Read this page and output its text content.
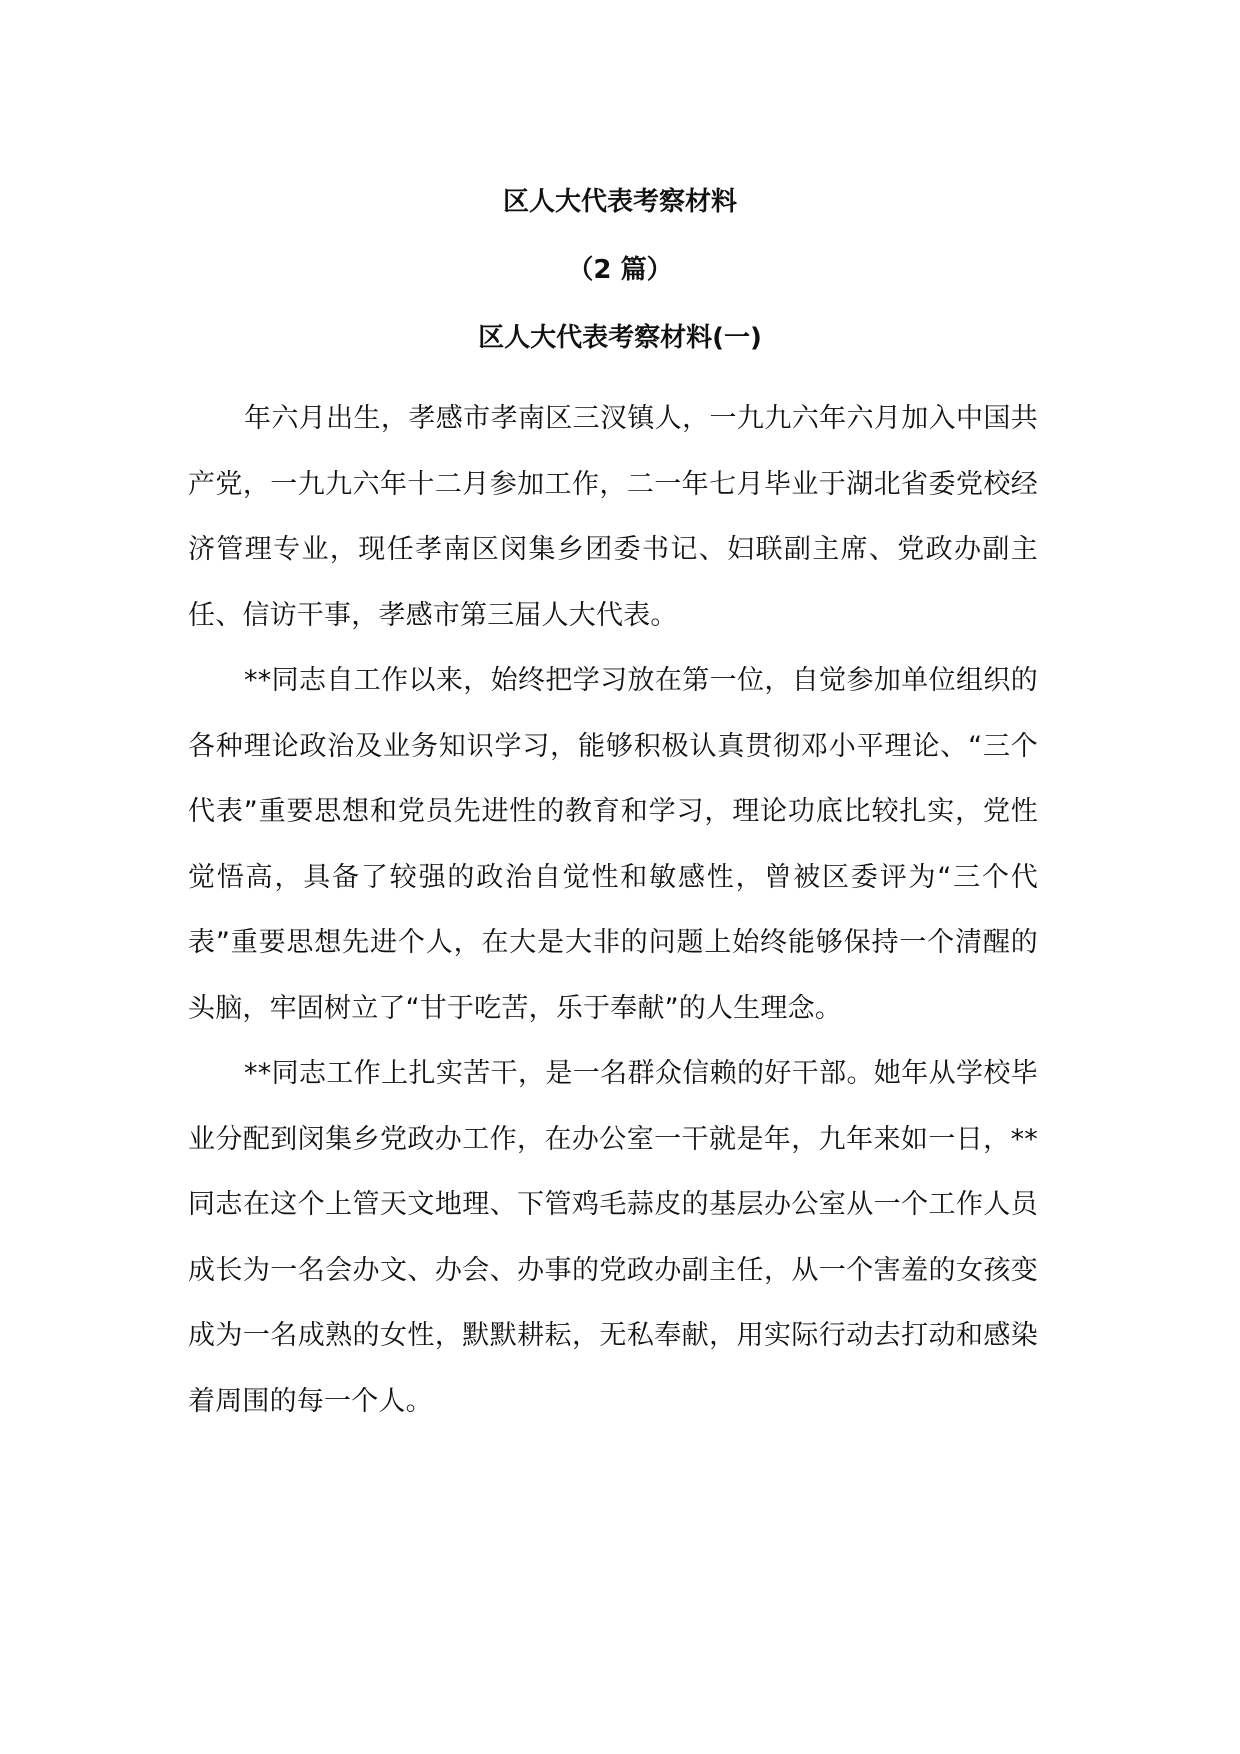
区人大代表考察材料
（2 篇）
区人大代表考察材料(一)

年六月出生，孝感市孝南区三汊镇人，一九九六年六月加入中国共产党，一九九六年十二月参加工作，二一年七月毕业于湖北省委党校经济管理专业，现任孝南区闵集乡团委书记、妇联副主席、党政办副主任、信访干事，孝感市第三届人大代表。

**同志自工作以来，始终把学习放在第一位，自觉参加单位组织的各种理论政治及业务知识学习，能够积极认真贯彻邓小平理论、“三个代表”重要思想和党员先进性的教育和学习，理论功底比较扎实，党性觉悟高，具备了较强的政治自觉性和敏感性，曾被区委评为“三个代表”重要思想先进个人，在大是大非的问题上始终能够保持一个清醒的头脑，牢固树立了“甘于吃苦，乐于奉献”的人生理念。

**同志工作上扎实苦干，是一名群众信赖的好干部。她年从学校毕业分配到闵集乡党政办工作，在办公室一干就是年，九年来如一日，**同志在这个上管天文地理、下管鸡毛蒜皮的基层办公室从一个工作人员成长为一名会办文、办会、办事的党政办副主任，从一个害羞的女孩变成为一名成熟的女性，默默耕耘，无私奉献，用实际行动去打动和感染着周围的每一个人。
